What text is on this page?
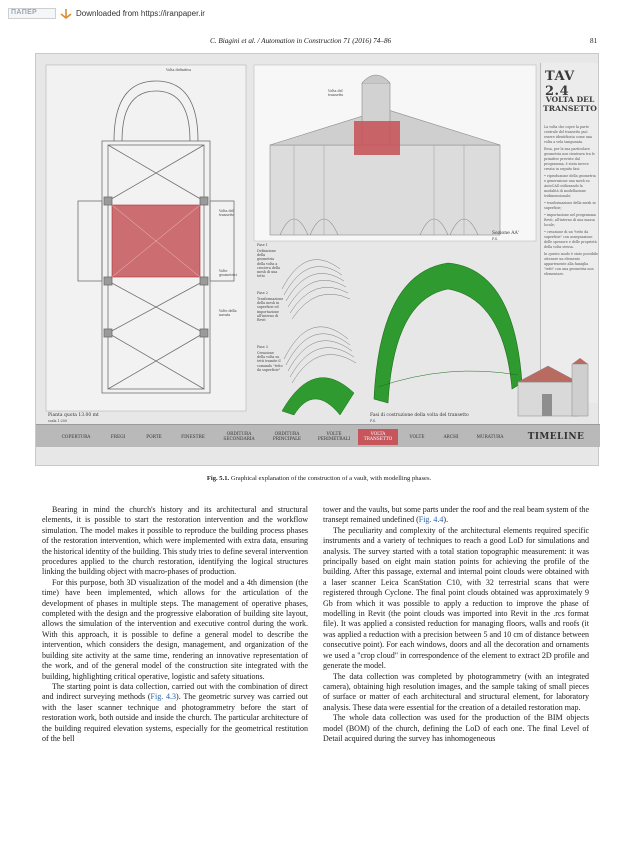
ΠΑΠΕΡ	Downloaded from https://iranpaper.ir
C. Biagini et al. / Automation in Construction 71 (2016) 74–86	81
Volta definitiva
Volta del transetto
Volte geometrici
Volte della navata
Fase 1
Definizione della geometria della volta a crociera della mesh di una tetto
Fase 2
Trasformazione della mesh in superficie ed importazione all'interno di Revit
Fase 3
Creazione della volta su tetti tramite il comando "tetto da superficie"
Volta del transetto
Sezione AA'
F.S.
Pianta quota 13.00 mt
scala 1:200
Fasi di costruzione della volta del transetto
F.S.
TAV 2.4
VOLTA DEL TRANSETTO

La volta che copre la parte centrale del transetto può essere identificata come una volta a vela tamponata.

Essa, per la sua particolare geometria non rientrava tra le primitive previste dal programma, è stata invece creata in seguito fasi:

• riproduzione della geometria e generazione una mesh su AutoCAD utilizzando la modalità di modellazione tridimensionale;

• trasformazione della mesh in superficie;

• importazione nel programma Revit, all'interno di una massa locale;

• creazione di un "tetto da superficie" con assegnazione delle spessore e delle proprietà della volta stessa.

In questo modo è stato possibile ottenere un elemento appartenente alla famiglia "tetti" con una geometria non elementare.

COPERTURA	FREGI	PORTE	FINESTRE	ORDITURA SECONDARIA
ORDITURA PRINCIPALE
VOLTE PERIMETRALI
VOLTA TRANSETTO	VOLTE	ARCHI	MURATURA	TIMELINE
Fig. 5.1. Graphical explanation of the construction of a vault, with modelling phases.

Bearing in mind the church's history and its architectural and structural elements, it is possible to start the restoration intervention and the workflow simulation. The model makes it possible to reproduce the building process phases of the restoration intervention, which were implemented with extra data, ensuring the historical identity of the building. This study tries to define several intervention procedures applied to the church restoration, identifying the logical structures linking the building object with macro-phases of production.

For this purpose, both 3D visualization of the model and a 4th dimension (the time) have been implemented, which allows for the articulation of the development of phases in multiple steps. The management of operative phases, completed with the design and the progressive elaboration of building site layout, allows the simulation of the intervention and executive control during the work. With this approach, it is possible to define a general model to describe the intervention, which considers the design, management, and organization of the building site activity at the same time, rendering an innovative representation of the work, and of the general model of the construction site integrated with the building, highlighting critical operative, logistic and safety situations.

The starting point is data collection, carried out with the combination of direct and indirect surveying methods (Fig. 4.3). The geometric survey was carried out with the laser scanner technique and photogrammetry before the start of restoration work, both outside and inside the church. The particular architecture of the building required elevation systems, especially for the geometrical restitution of the bell

tower and the vaults, but some parts under the roof and the real beam system of the transept remained undefined (Fig. 4.4).

The peculiarity and complexity of the architectural elements required specific instruments and a variety of techniques to reach a good LoD for simulations and analysis. The survey started with a total station topographic measurement: it was principally based on eight main station points for achieving the profile of the building. After this passage, external and internal point clouds were obtained with a laser scanner Leica ScanStation C10, with 32 terrestrial scans that were registered through Cyclone. The final point clouds obtained was approximately 9 Gb from which it was possible to apply a reduction to improve the phase of modelling in Revit (the point clouds was imported into Revit in the .rcs format file). It was applied a consisted reduction for managing floors, walls and roofs (it was applied a reduction with a precision between 5 and 10 cm of distance between consecutive point). For each windows, doors and all the decoration and ornaments we used a "crop cloud" in correspondence of the element to extract 2D profile and generate the model.

The data collection was completed by photogrammetry (with an integrated camera), obtaining high resolution images, and the sample taking of small pieces of surface or matter of each architectural and structural element, for laboratory analysis. These data were essential for the creation of a detailed restoration map.

The whole data collection was used for the production of the BIM objects model (BOM) of the church, defining the LoD of each one. The final Level of Detail acquired during the survey has inhomogeneous
